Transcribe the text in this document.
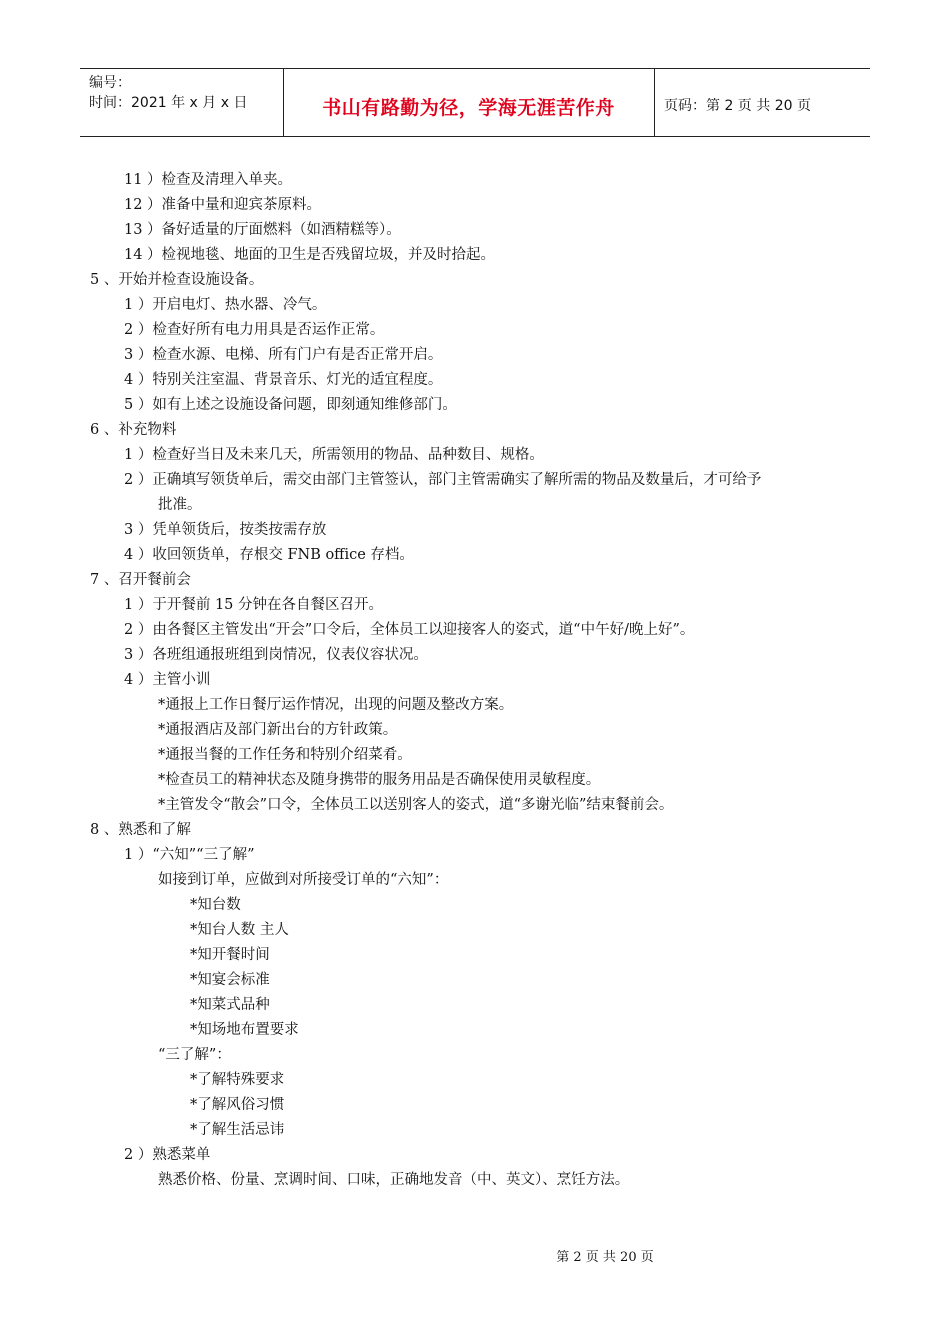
编号：
时间：2021 年 x 月 x 日	书山有路勤为径，学海无涯苦作舟	页码：第 2 页 共 20 页
11 ）检查及清理入单夹。
12 ）准备中量和迎宾茶原料。
13 ）备好适量的厅面燃料（如酒精糕等）。
14 ）检视地毯、地面的卫生是否残留垃圾，并及时拾起。
5 、开始并检查设施设备。
1 ）开启电灯、热水器、冷气。
2 ）检查好所有电力用具是否运作正常。
3 ）检查水源、电梯、所有门户有是否正常开启。
4 ）特别关注室温、背景音乐、灯光的适宜程度。
5 ）如有上述之设施设备问题，即刻通知维修部门。
6 、补充物料
1 ）检查好当日及未来几天，所需领用的物品、品种数目、规格。
2 ）正确填写领货单后，需交由部门主管签认，部门主管需确实了解所需的物品及数量后，才可给予
批准。
3 ）凭单领货后，按类按需存放
4 ）收回领货单，存根交 FNB office 存档。
7 、召开餐前会
1 ）于开餐前 15 分钟在各自餐区召开。
2 ）由各餐区主管发出“开会”口令后，全体员工以迎接客人的姿式，道“中午好/晚上好”。
3 ）各班组通报班组到岗情况，仪表仪容状况。
4 ）主管小训
*通报上工作日餐厅运作情况，出现的问题及整改方案。
*通报酒店及部门新出台的方针政策。
*通报当餐的工作任务和特别介绍菜肴。
*检查员工的精神状态及随身携带的服务用品是否确保使用灵敏程度。
*主管发令“散会”口令，全体员工以送别客人的姿式，道“多谢光临”结束餐前会。
8 、熟悉和了解
1 ）“六知”“三了解”
如接到订单，应做到对所接受订单的“六知”：
*知台数
*知台人数 主人
*知开餐时间
*知宴会标准
*知菜式品种
*知场地布置要求
“三了解”：
*了解特殊要求
*了解风俗习惯
*了解生活忌讳
2 ）熟悉菜单
熟悉价格、份量、烹调时间、口味，正确地发音（中、英文）、烹饪方法。
第 2 页 共 20 页
